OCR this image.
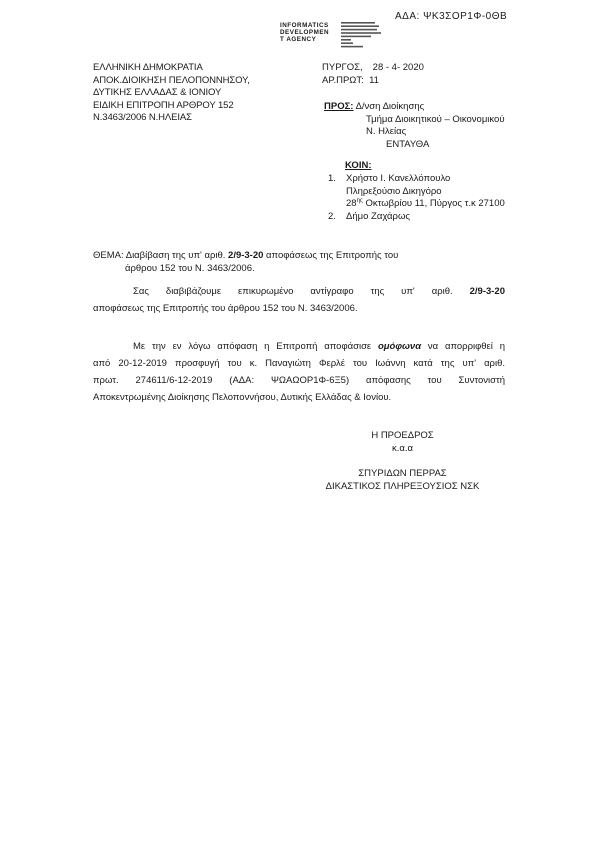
ΑΔΑ: ΨΚ3ΣΟΡ1Φ-0ΘΒ
INFORMATICS
DEVELOPMEN
T AGENCY
ΕΛΛΗΝΙΚΗ ΔΗΜΟΚΡΑΤΙΑ
ΑΠΟΚ.ΔΙΟΙΚΗΣΗ ΠΕΛΟΠΟΝΝΗΣΟΥ,
ΔΥΤΙΚΗΣ ΕΛΛΑΔΑΣ & ΙΟΝΙΟΥ
ΕΙΔΙΚΗ ΕΠΙΤΡΟΠΗ ΑΡΘΡΟΥ 152
Ν.3463/2006 Ν.ΗΛΕΙΑΣ
ΠΥΡΓΟΣ, 28 - 4- 2020
ΑΡ.ΠΡΩΤ: 11
ΠΡΟΣ: Δ/νση Διοίκησης
Τμήμα Διοικητικού – Οικονομικού
Ν. Ηλείας
ΕΝΤΑΥΘΑ
ΚΟΙΝ:
1.	Χρήστο Ι. Κανελλόπουλο
Πληρεξούσιο Δικηγόρο
$28^{\eta\varsigma}$ Οκτωβρίου 11, Πύργος τ.κ 27100
2.	Δήμο Ζαχάρως
ΘΕΜΑ: Διαβίβαση της υπ' αριθ. 2/9-3-20 αποφάσεως της Επιτροπής του
άρθρου 152 του Ν. 3463/2006.
Σας διαβιβάζουμε επικυρωμένο αντίγραφο της υπ' αριθ. 2/9-3-20
αποφάσεως της Επιτροπής του άρθρου 152 του Ν. 3463/2006.
Με την εν λόγω απόφαση η Επιτροπή αποφάσισε ομόφωνα να απορριφθεί η
από 20-12-2019 προσφυγή του κ. Παναγιώτη Φερλέ του Ιωάννη κατά της υπ' αριθ.
πρωτ. 274611/6-12-2019 (ΑΔΑ: ΨΩΑΩΟΡ1Φ-6Ξ5) απόφασης του Συντονιστή
Αποκεντρωμένης Διοίκησης Πελοποννήσου, Δυτικής Ελλάδας & Ιονίου.
Η ΠΡΟΕΔΡΟΣ
κ.α.α
ΣΠΥΡΙΔΩΝ ΠΕΡΡΑΣ
ΔΙΚΑΣΤΙΚΟΣ ΠΛΗΡΕΞΟΥΣΙΟΣ ΝΣΚ
